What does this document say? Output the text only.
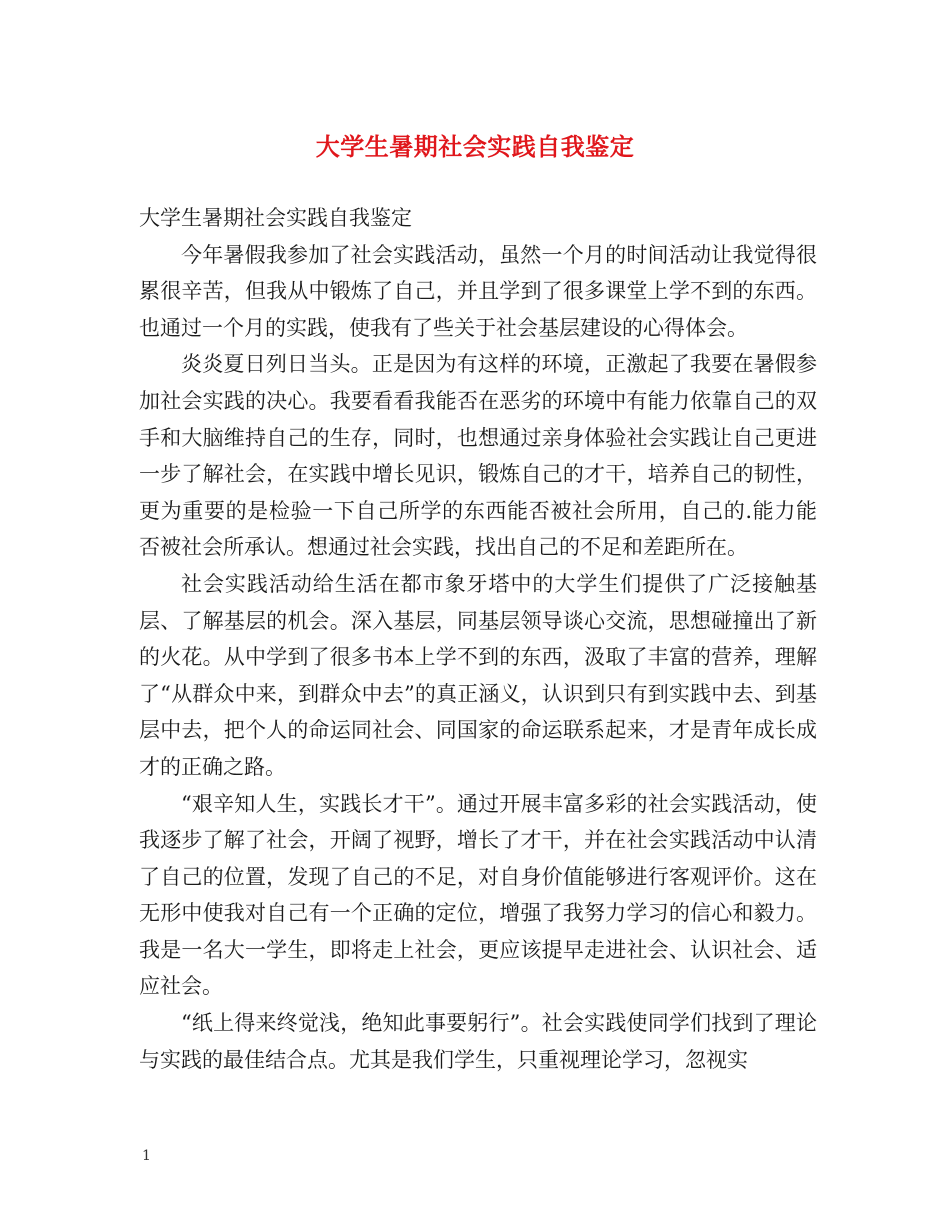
大学生暑期社会实践自我鉴定

大学生暑期社会实践自我鉴定

今年暑假我参加了社会实践活动，虽然一个月的时间活动让我觉得很累很辛苦，但我从中锻炼了自己，并且学到了很多课堂上学不到的东西。也通过一个月的实践，使我有了些关于社会基层建设的心得体会。

炎炎夏日列日当头。正是因为有这样的环境，正激起了我要在暑假参加社会实践的决心。我要看看我能否在恶劣的环境中有能力依靠自己的双手和大脑维持自己的生存，同时，也想通过亲身体验社会实践让自己更进一步了解社会，在实践中增长见识，锻炼自己的才干，培养自己的韧性，更为重要的是检验一下自己所学的东西能否被社会所用，自己的.能力能否被社会所承认。想通过社会实践，找出自己的不足和差距所在。

社会实践活动给生活在都市象牙塔中的大学生们提供了广泛接触基层、了解基层的机会。深入基层，同基层领导谈心交流，思想碰撞出了新的火花。从中学到了很多书本上学不到的东西，汲取了丰富的营养，理解了“从群众中来，到群众中去”的真正涵义，认识到只有到实践中去、到基层中去，把个人的命运同社会、同国家的命运联系起来，才是青年成长成才的正确之路。

“艰辛知人生，实践长才干”。通过开展丰富多彩的社会实践活动，使我逐步了解了社会，开阔了视野，增长了才干，并在社会实践活动中认清了自己的位置，发现了自己的不足，对自身价值能够进行客观评价。这在无形中使我对自己有一个正确的定位，增强了我努力学习的信心和毅力。我是一名大一学生，即将走上社会，更应该提早走进社会、认识社会、适应社会。

“纸上得来终觉浅，绝知此事要躬行”。社会实践使同学们找到了理论与实践的最佳结合点。尤其是我们学生，只重视理论学习，忽视实

1
